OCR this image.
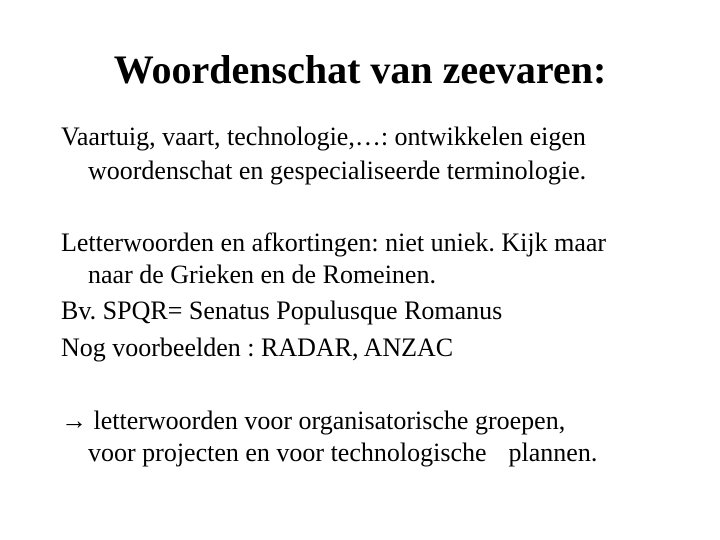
Woordenschat van zeevaren:
Vaartuig, vaart, technologie,…: ontwikkelen eigen
woordenschat en gespecialiseerde terminologie.
Letterwoorden en afkortingen: niet uniek. Kijk maar
naar de Grieken en de Romeinen.
Bv. SPQR= Senatus Populusque Romanus
Nog voorbeelden : RADAR, ANZAC
→ letterwoorden voor organisatorische groepen,
voor projecten en voor technologische plannen.
